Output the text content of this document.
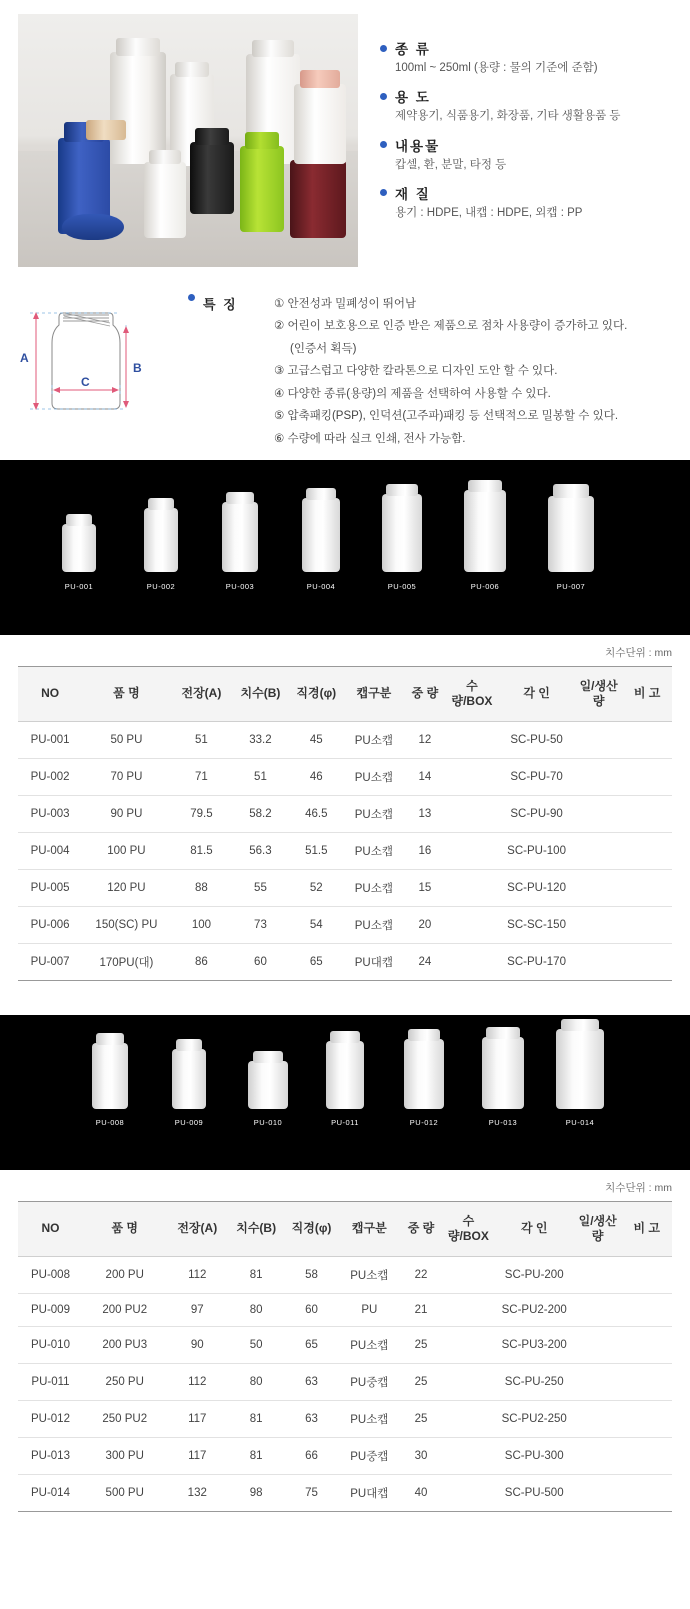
종 류
100ml ~ 250ml (용량 : 물의 기준에 준함)
용 도
제약용기, 식품용기, 화장품, 기타 생활용품 등
내용물
캅셀, 환, 분말, 타정 등
재 질
용기 : HDPE, 내캡 : HDPE, 외캡 : PP
A
B
C
특 징	① 안전성과 밀폐성이 뛰어남
② 어린이 보호용으로 인증 받은 제품으로 점차 사용량이 증가하고 있다.
(인증서 획득)
③ 고급스럽고 다양한 칼라톤으로 디자인 도안 할 수 있다.
④ 다양한 종류(용량)의 제품을 선택하여 사용할 수 있다.
⑤ 압축패킹(PSP), 인덕션(고주파)패킹 등 선택적으로 밀봉할 수 있다.
⑥ 수량에 따라 실크 인쇄, 전사 가능함.
PU-001	PU-002	PU-003	PU-004	PU-005	PU-006	PU-007
치수단위 : mm
NO	품 명	전장(A)	치수(B)	직경(φ)	캡구분	중 량	수량/BOX	각 인	일/생산량	비 고
PU-001	50 PU	51	33.2	45	PU소캡	12		SC-PU-50		
PU-002	70 PU	71	51	46	PU소캡	14		SC-PU-70		
PU-003	90 PU	79.5	58.2	46.5	PU소캡	13		SC-PU-90		
PU-004	100 PU	81.5	56.3	51.5	PU소캡	16		SC-PU-100		
PU-005	120 PU	88	55	52	PU소캡	15		SC-PU-120		
PU-006	150(SC) PU	100	73	54	PU소캡	20		SC-SC-150		
PU-007	170PU(대)	86	60	65	PU대캡	24		SC-PU-170		
PU-008	PU-009	PU-010	PU-011	PU-012	PU-013	PU-014
치수단위 : mm
NO	품 명	전장(A)	치수(B)	직경(φ)	캡구분	중 량	수량/BOX	각 인	일/생산량	비 고
PU-008	200 PU	112	81	58	PU소캡	22		SC-PU-200		
PU-009	200 PU2	97	80	60	PU	21		SC-PU2-200		
PU-010	200 PU3	90	50	65	PU소캡	25		SC-PU3-200		
PU-011	250 PU	112	80	63	PU중캡	25		SC-PU-250		
PU-012	250 PU2	117	81	63	PU소캡	25		SC-PU2-250		
PU-013	300 PU	117	81	66	PU중캡	30		SC-PU-300		
PU-014	500 PU	132	98	75	PU대캡	40		SC-PU-500		
